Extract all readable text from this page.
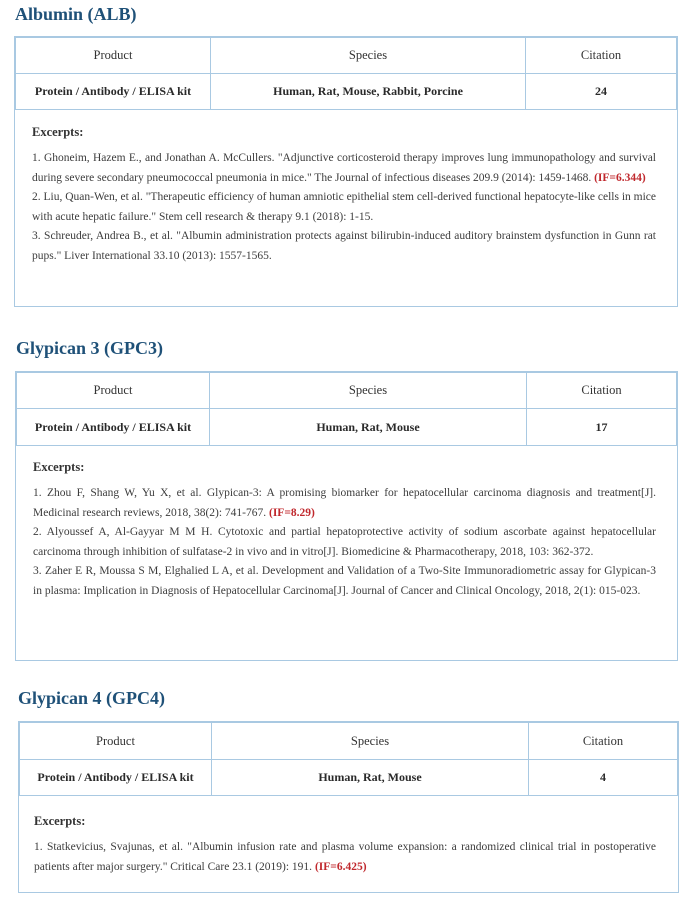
Albumin (ALB)
Product	Species	Citation
Protein / Antibody / ELISA kit	Human, Rat, Mouse, Rabbit, Porcine	24

Excerpts:

1. Ghoneim, Hazem E., and Jonathan A. McCullers. "Adjunctive corticosteroid therapy improves lung immunopathology and survival during severe secondary pneumococcal pneumonia in mice." The Journal of infectious diseases 209.9 (2014): 1459-1468. (IF=6.344)
2. Liu, Quan-Wen, et al. "Therapeutic efficiency of human amniotic epithelial stem cell-derived functional hepatocyte-like cells in mice with acute hepatic failure." Stem cell research & therapy 9.1 (2018): 1-15.
3. Schreuder, Andrea B., et al. "Albumin administration protects against bilirubin-induced auditory brainstem dysfunction in Gunn rat pups." Liver International 33.10 (2013): 1557-1565.
Glypican 3 (GPC3)
Product	Species	Citation
Protein / Antibody / ELISA kit	Human, Rat, Mouse	17

Excerpts:

1. Zhou F, Shang W, Yu X, et al. Glypican-3: A promising biomarker for hepatocellular carcinoma diagnosis and treatment[J]. Medicinal research reviews, 2018, 38(2): 741-767. (IF=8.29)
2. Alyoussef A, Al-Gayyar M M H. Cytotoxic and partial hepatoprotective activity of sodium ascorbate against hepatocellular carcinoma through inhibition of sulfatase-2 in vivo and in vitro[J]. Biomedicine & Pharmacotherapy, 2018, 103: 362-372.
3. Zaher E R, Moussa S M, Elghalied L A, et al. Development and Validation of a Two-Site Immunoradiometric assay for Glypican-3 in plasma: Implication in Diagnosis of Hepatocellular Carcinoma[J]. Journal of Cancer and Clinical Oncology, 2018, 2(1): 015-023.
Glypican 4 (GPC4)
Product	Species	Citation
Protein / Antibody / ELISA kit	Human, Rat, Mouse	4

Excerpts:

1. Statkevicius, Svajunas, et al. "Albumin infusion rate and plasma volume expansion: a randomized clinical trial in postoperative patients after major surgery." Critical Care 23.1 (2019): 191. (IF=6.425)
